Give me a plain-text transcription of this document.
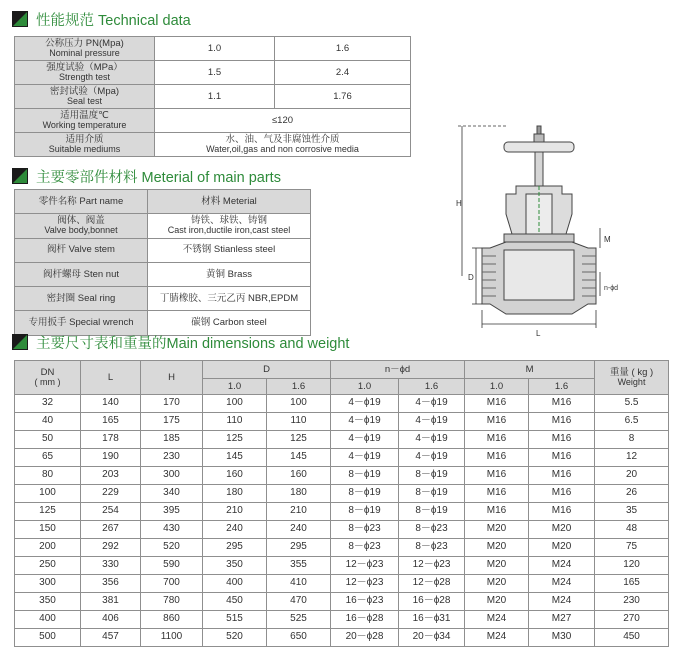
性能规范 Technical data
公称压力 PN(Mpa)
Nominal pressure	1.0	1.6
强度试验（MPa）
Strength test	1.5	2.4
密封试验（Mpa)
Seal test	1.1	1.76
适用温度℃
Working temperature	≤120	
适用介质
Suitable mediums	水、油、气及非腐蚀性介质
Water,oil,gas and non corrosive media	
主要零部件材料 Meterial of main parts
零件名称 Part name	材料 Meterial
阀体、阀盖
Valve body,bonnet	铸铁、球铁、铸钢
Cast iron,ductile iron,cast steel

阀杆 Valve stem	不锈钢 Stianless steel
阀杆螺母 Sten nut	黄铜 Brass
密封圈 Seal ring	丁腈橡胶、三元乙丙 NBR,EPDM
专用扳手 Special wrench	碳钢 Carbon steel
H
D
M
n-ϕd
L
主要尺寸表和重量的Main dimensions and weight
DN
( mm )	L	H	D		n－ϕd		M		重量 ( kg )
Weight

			1.0	1.6	1.0	1.6	1.0	1.6	
32	140	170	100	100	4－ϕ19	4－ϕ19	M16	M16	5.5
40	165	175	110	110	4－ϕ19	4－ϕ19	M16	M16	6.5
50	178	185	125	125	4－ϕ19	4－ϕ19	M16	M16	8
65	190	230	145	145	4－ϕ19	4－ϕ19	M16	M16	12
80	203	300	160	160	8－ϕ19	8－ϕ19	M16	M16	20
100	229	340	180	180	8－ϕ19	8－ϕ19	M16	M16	26
125	254	395	210	210	8－ϕ19	8－ϕ19	M16	M16	35
150	267	430	240	240	8－ϕ23	8－ϕ23	M20	M20	48
200	292	520	295	295	8－ϕ23	8－ϕ23	M20	M20	75
250	330	590	350	355	12－ϕ23	12－ϕ23	M20	M24	120
300	356	700	400	410	12－ϕ23	12－ϕ28	M20	M24	165
350	381	780	450	470	16－ϕ23	16－ϕ28	M20	M24	230
400	406	860	515	525	16－ϕ28	16－ϕ31	M24	M27	270
500	457	1100	520	650	20－ϕ28	20－ϕ34	M24	M30	450
